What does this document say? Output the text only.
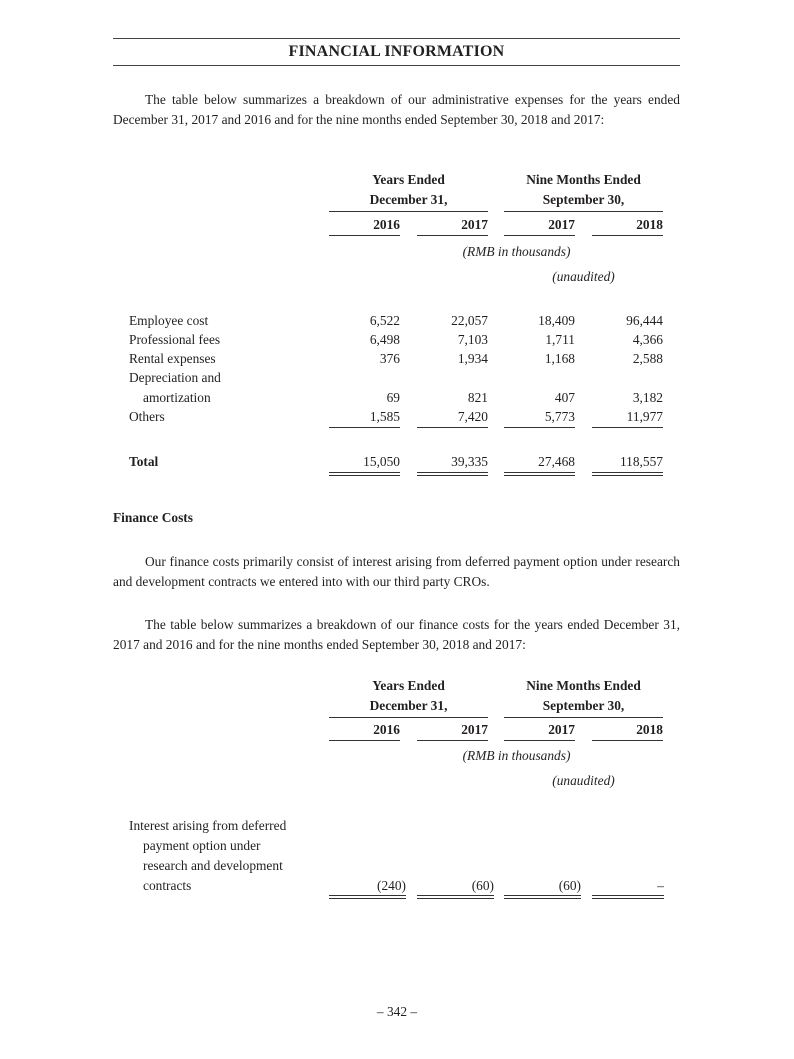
FINANCIAL INFORMATION
The table below summarizes a breakdown of our administrative expenses for the years ended December 31, 2017 and 2016 and for the nine months ended September 30, 2018 and 2017:
Years Ended
December 31,
Nine Months Ended
September 30,
2016	2017	2017	2018
(RMB in thousands)
(unaudited)
Employee cost	6,522	22,057	18,409	96,444
Professional fees	6,498	7,103	1,711	4,366
Rental expenses	376	1,934	1,168	2,588
Depreciation and
amortization	69	821	407	3,182
Others	1,585	7,420	5,773	11,977
Total	15,050	39,335	27,468	118,557
Finance Costs
Our finance costs primarily consist of interest arising from deferred payment option under research and development contracts we entered into with our third party CROs.
The table below summarizes a breakdown of our finance costs for the years ended December 31, 2017 and 2016 and for the nine months ended September 30, 2018 and 2017:
Years Ended
December 31,
Nine Months Ended
September 30,
2016	2017	2017	2018
(RMB in thousands)
(unaudited)
Interest arising from deferred
payment option under
research and development
contracts	(240)	(60)	(60)	–
– 342 –
